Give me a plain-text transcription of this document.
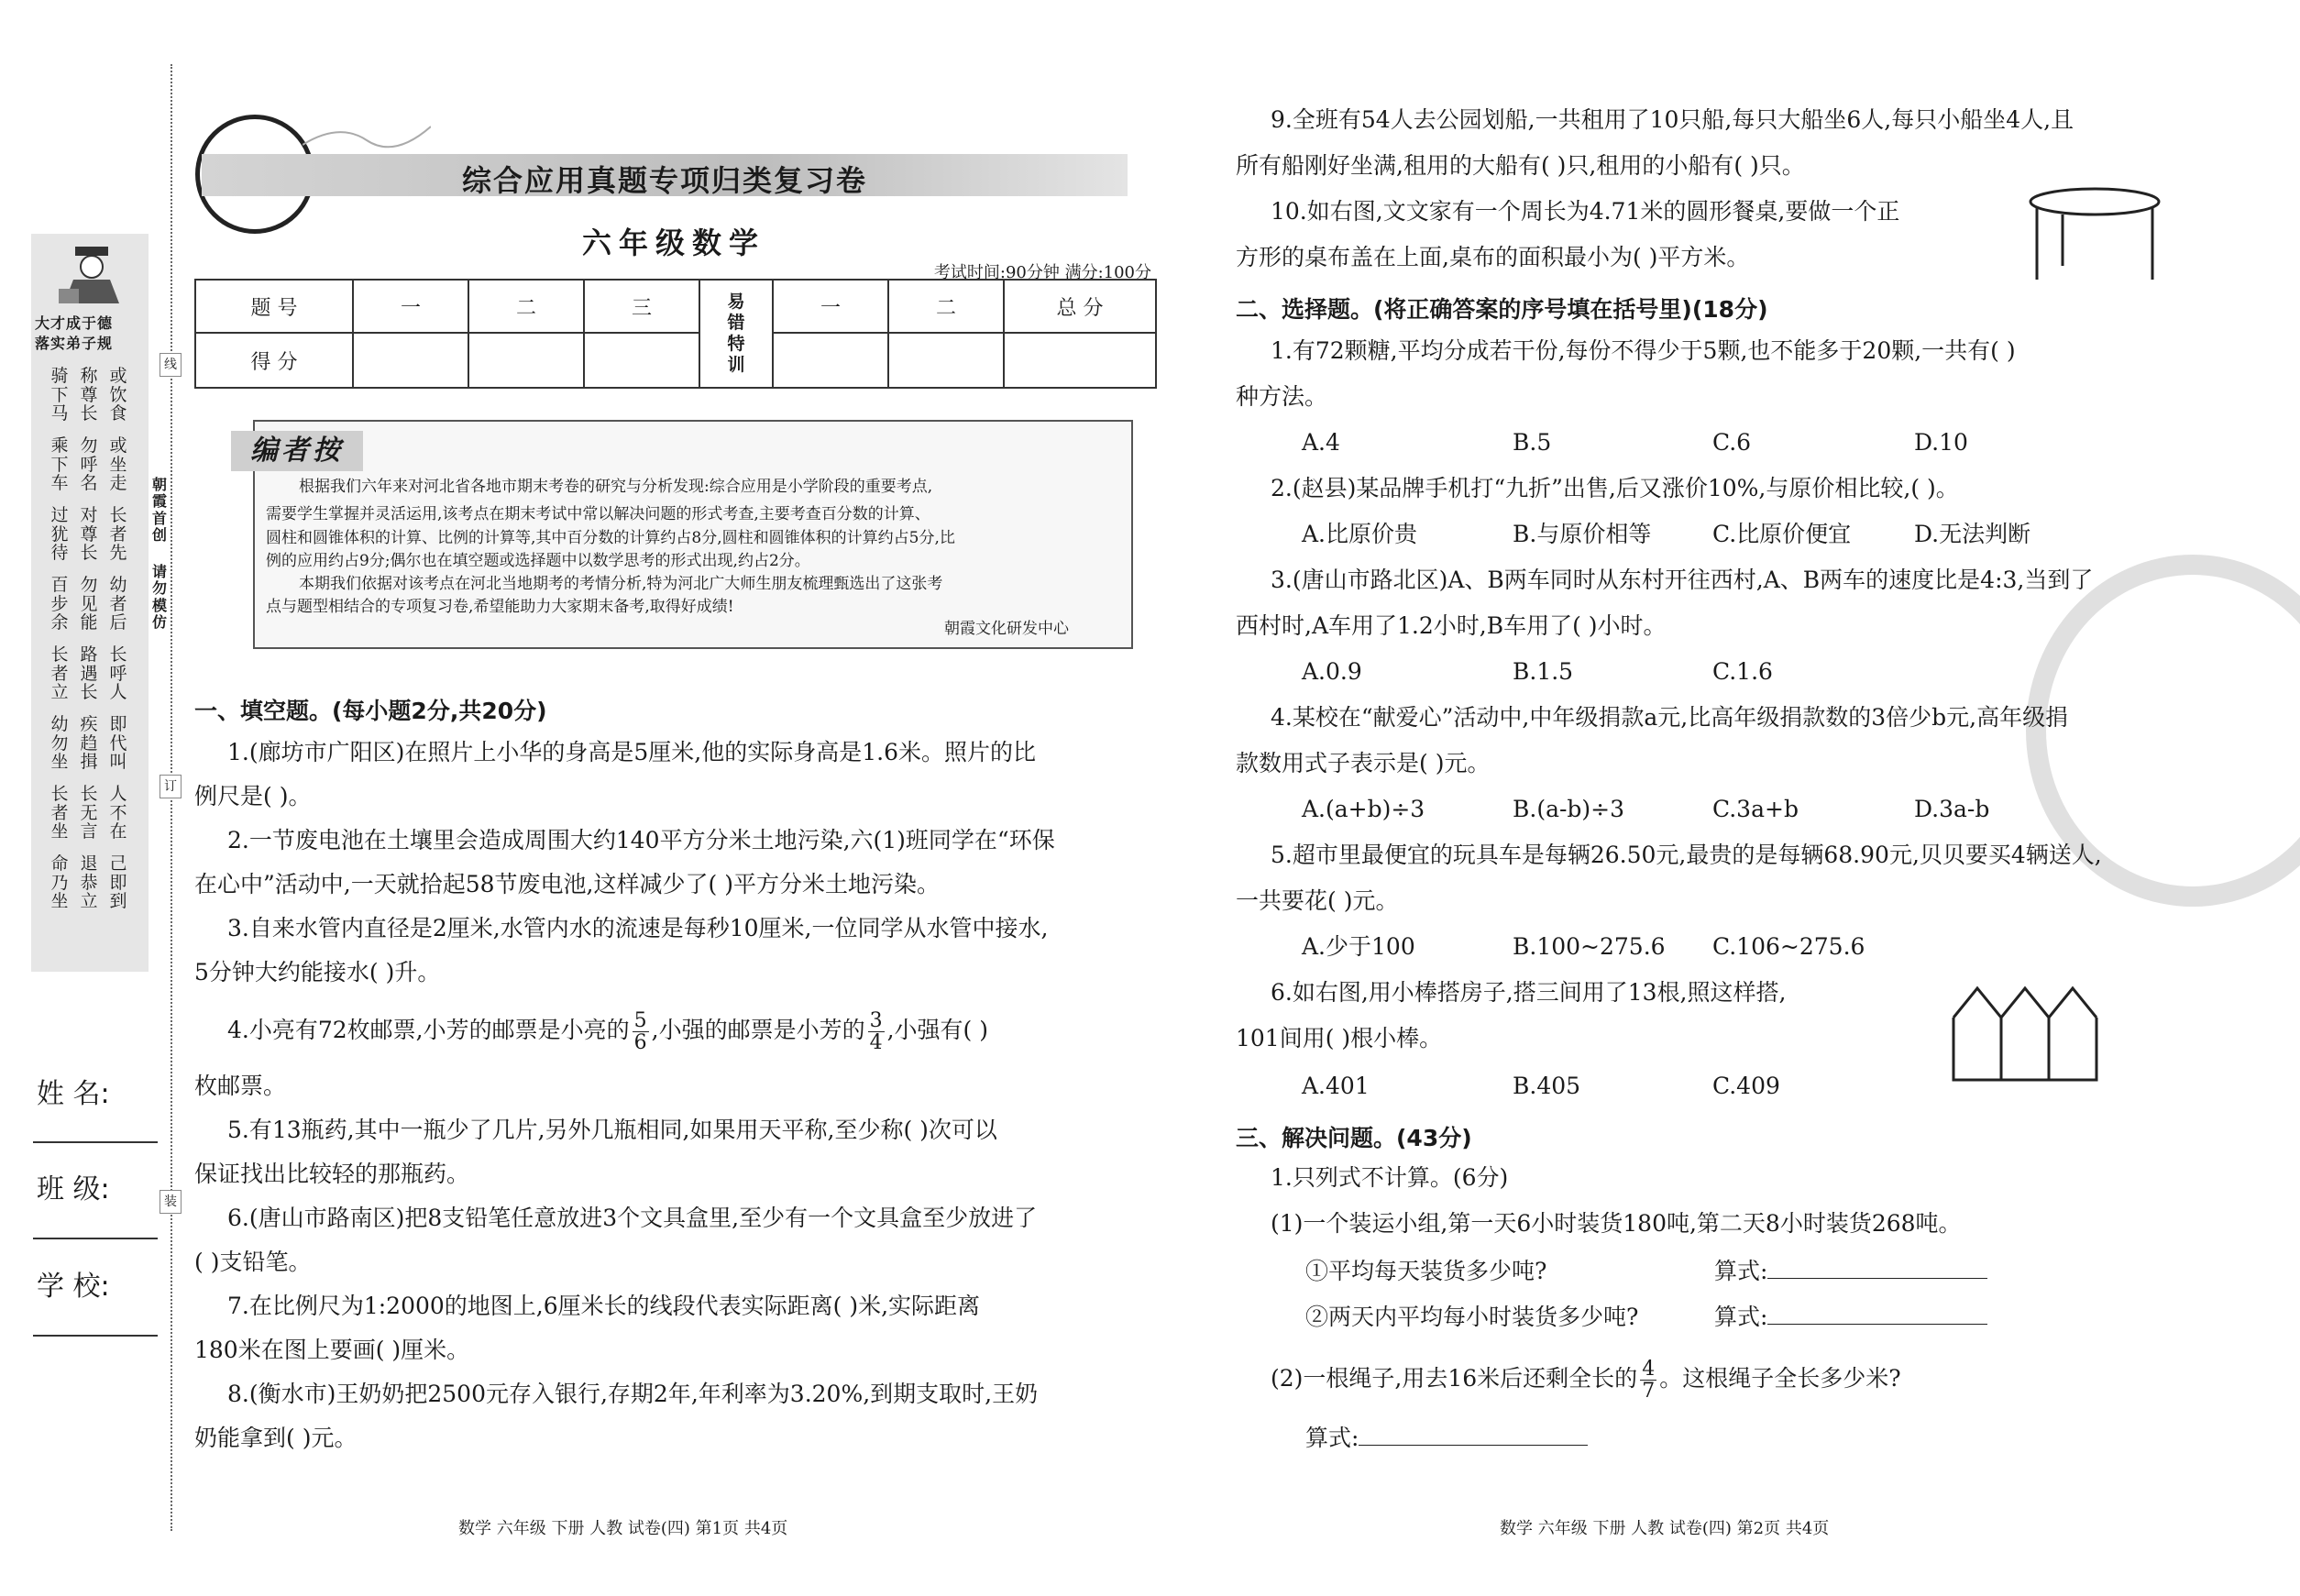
大才成于德
落实弟子规
或饮食
称尊长
骑下马
或坐走
勿呼名
乘下车
长者先
对尊长
过犹待
幼者后
勿见能
百步余
长呼人
路遇长
长者立
即代叫
疾趋揖
幼勿坐
人不在
长无言
长者坐
己即到
退恭立
命乃坐
线
订
装
朝霞首创
请勿模仿
姓 名:
班 级:
学 校:
综合应用真题专项归类复习卷
六年级数学
考试时间:90分钟 满分:100分
题 号	一	二	三	易错特训	一	二	总 分
得 分							
编者按
根据我们六年来对河北省各地市期末考卷的研究与分析发现:综合应用是小学阶段的重要考点,
需要学生掌握并灵活运用,该考点在期末考试中常以解决问题的形式考查,主要考查百分数的计算、
圆柱和圆锥体积的计算、比例的计算等,其中百分数的计算约占8分,圆柱和圆锥体积的计算约占5分,比
例的应用约占9分;偶尔也在填空题或选择题中以数学思考的形式出现,约占2分。
本期我们依据对该考点在河北当地期考的考情分析,特为河北广大师生朋友梳理甄选出了这张考
点与题型相结合的专项复习卷,希望能助力大家期末备考,取得好成绩!
朝霞文化研发中心
一、填空题。(每小题2分,共20分)
1.(廊坊市广阳区)在照片上小华的身高是5厘米,他的实际身高是1.6米。照片的比
例尺是( )。
2.一节废电池在土壤里会造成周围大约140平方分米土地污染,六(1)班同学在“环保
在心中”活动中,一天就拾起58节废电池,这样减少了( )平方分米土地污染。
3.自来水管内直径是2厘米,水管内水的流速是每秒10厘米,一位同学从水管中接水,
5分钟大约能接水( )升。
4.小亮有72枚邮票,小芳的邮票是小亮的 $\frac{5}{6}$ ,小强的邮票是小芳的 $\frac{3}{4}$ ,小强有( )
枚邮票。
5.有13瓶药,其中一瓶少了几片,另外几瓶相同,如果用天平称,至少称( )次可以
保证找出比较轻的那瓶药。
6.(唐山市路南区)把8支铅笔任意放进3个文具盒里,至少有一个文具盒至少放进了
( )支铅笔。
7.在比例尺为1:2000的地图上,6厘米长的线段代表实际距离( )米,实际距离
180米在图上要画( )厘米。
8.(衡水市)王奶奶把2500元存入银行,存期2年,年利率为3.20%,到期支取时,王奶
奶能拿到( )元。
数学 六年级 下册 人教 试卷(四) 第1页 共4页
9.全班有54人去公园划船,一共租用了10只船,每只大船坐6人,每只小船坐4人,且
所有船刚好坐满,租用的大船有( )只,租用的小船有( )只。
10.如右图,文文家有一个周长为4.71米的圆形餐桌,要做一个正
方形的桌布盖在上面,桌布的面积最小为( )平方米。
二、选择题。(将正确答案的序号填在括号里)(18分)
1.有72颗糖,平均分成若干份,每份不得少于5颗,也不能多于20颗,一共有( )
种方法。
A.4	B.5	C.6	D.10
2.(赵县)某品牌手机打“九折”出售,后又涨价10%,与原价相比较,( )。
A.比原价贵	B.与原价相等	C.比原价便宜	D.无法判断
3.(唐山市路北区)A、B两车同时从东村开往西村,A、B两车的速度比是4:3,当到了
西村时,A车用了1.2小时,B车用了( )小时。
A.0.9	B.1.5	C.1.6
4.某校在“献爱心”活动中,中年级捐款a元,比高年级捐款数的3倍少b元,高年级捐
款数用式子表示是( )元。
A.(a+b)÷3	B.(a-b)÷3	C.3a+b	D.3a-b
5.超市里最便宜的玩具车是每辆26.50元,最贵的是每辆68.90元,贝贝要买4辆送人,
一共要花( )元。
A.少于100	B.100~275.6 C.106~275.6
6.如右图,用小棒搭房子,搭三间用了13根,照这样搭,
101间用( )根小棒。
A.401	B.405	C.409
三、解决问题。(43分)
1.只列式不计算。(6分)
(1)一个装运小组,第一天6小时装货180吨,第二天8小时装货268吨。
①平均每天装货多少吨?	算式:
②两天内平均每小时装货多少吨?	算式:
(2)一根绳子,用去16米后还剩全长的 $\frac{4}{7}$ 。这根绳子全长多少米?
算式:
数学 六年级 下册 人教 试卷(四) 第2页 共4页
